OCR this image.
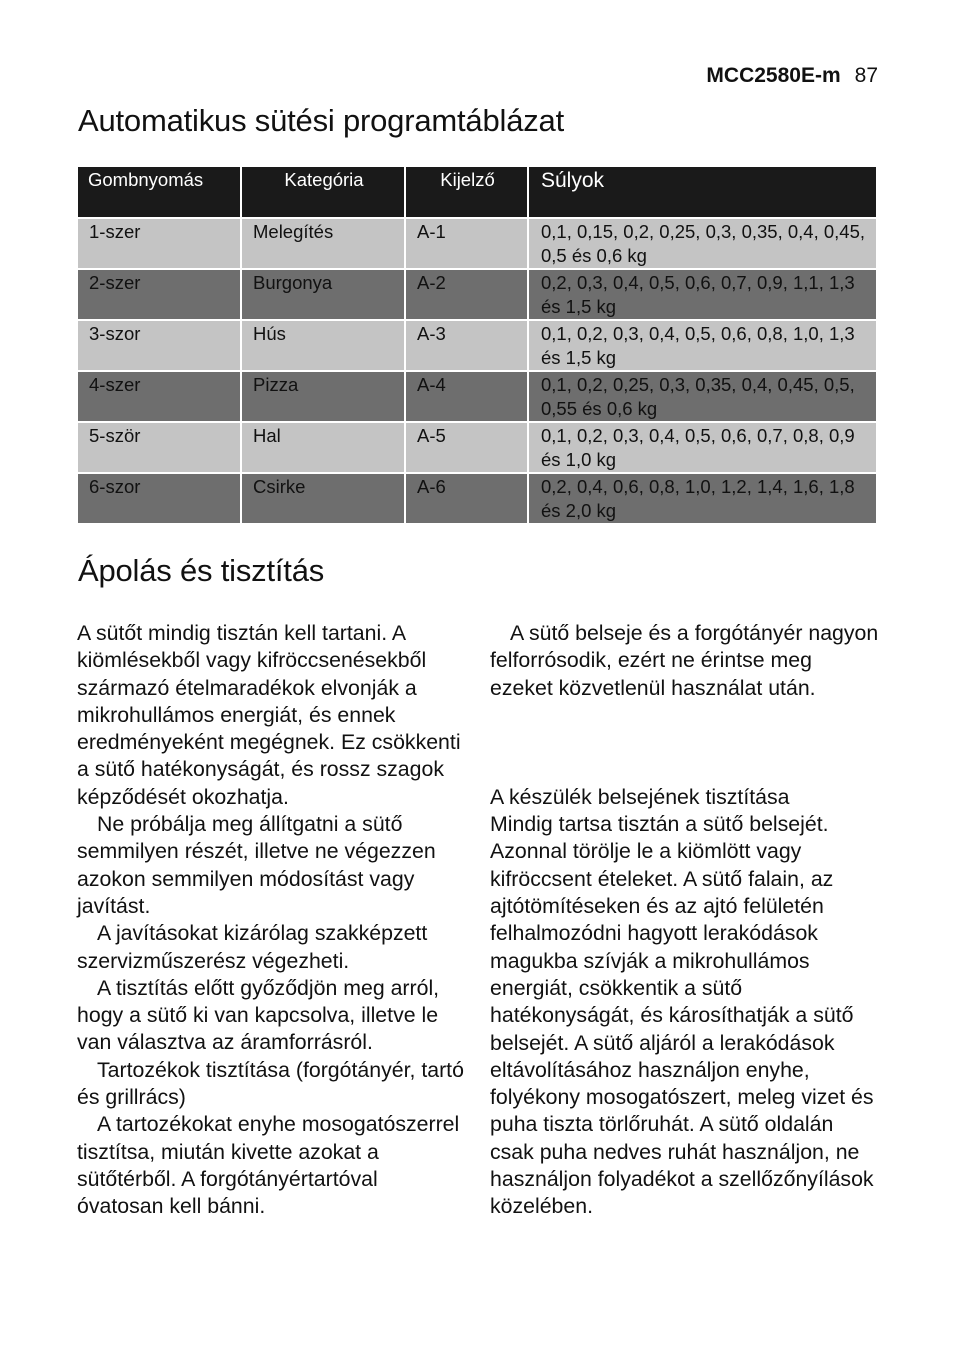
MCC2580E-m 87
Automatikus sütési programtáblázat
Gombnyomás	Kategória	Kijelző	Súlyok
1-szer	Melegítés	A-1	0,1, 0,15, 0,2, 0,25, 0,3, 0,35, 0,4, 0,45, 0,5 és 0,6 kg
2-szer	Burgonya	A-2	0,2, 0,3, 0,4, 0,5, 0,6, 0,7, 0,9, 1,1, 1,3 és 1,5 kg
3-szor	Hús	A-3	0,1, 0,2, 0,3, 0,4, 0,5, 0,6, 0,8, 1,0, 1,3 és 1,5 kg
4-szer	Pizza	A-4	0,1, 0,2, 0,25, 0,3, 0,35, 0,4, 0,45, 0,5, 0,55 és 0,6 kg
5-ször	Hal	A-5	0,1, 0,2, 0,3, 0,4, 0,5, 0,6, 0,7, 0,8, 0,9 és 1,0 kg
6-szor	Csirke	A-6	0,2, 0,4, 0,6, 0,8, 1,0, 1,2, 1,4, 1,6, 1,8 és 2,0 kg
Ápolás és tisztítás

A sütőt mindig tisztán kell tartani. A kiömlésekből vagy kifröccsenésekből származó ételmaradékok elvonják a mikrohullámos energiát, és ennek eredményeként megégnek. Ez csökkenti a sütő hatékonyságát, és rossz szagok képződését okozhatja.

Ne próbálja meg állítgatni a sütő semmilyen részét, illetve ne végezzen azokon semmilyen módosítást vagy javítást.

A javításokat kizárólag szakképzett szervizműszerész végezheti.

A tisztítás előtt győződjön meg arról, hogy a sütő ki van kapcsolva, illetve le van választva az áramforrásról.

Tartozékok tisztítása (forgótányér, tartó és grillrács)

A tartozékokat enyhe mosogatószerrel tisztítsa, miután kivette azokat a sütőtérből. A forgótányértartóval óvatosan kell bánni.

A sütő belseje és a forgótányér nagyon felforrósodik, ezért ne érintse meg ezeket közvetlenül használat után.

A készülék belsejének tisztítása

Mindig tartsa tisztán a sütő belsejét. Azonnal törölje le a kiömlött vagy kifröccsent ételeket. A sütő falain, az ajtótömítéseken és az ajtó felületén felhalmozódni hagyott lerakódások magukba szívják a mikrohullámos energiát, csökkentik a sütő hatékonyságát, és károsíthatják a sütő belsejét. A sütő aljáról a lerakódások eltávolításához használjon enyhe, folyékony mosogatószert, meleg vizet és puha tiszta törlőruhát. A sütő oldalán csak puha nedves ruhát használjon, ne használjon folyadékot a szellőzőnyílások közelében.
